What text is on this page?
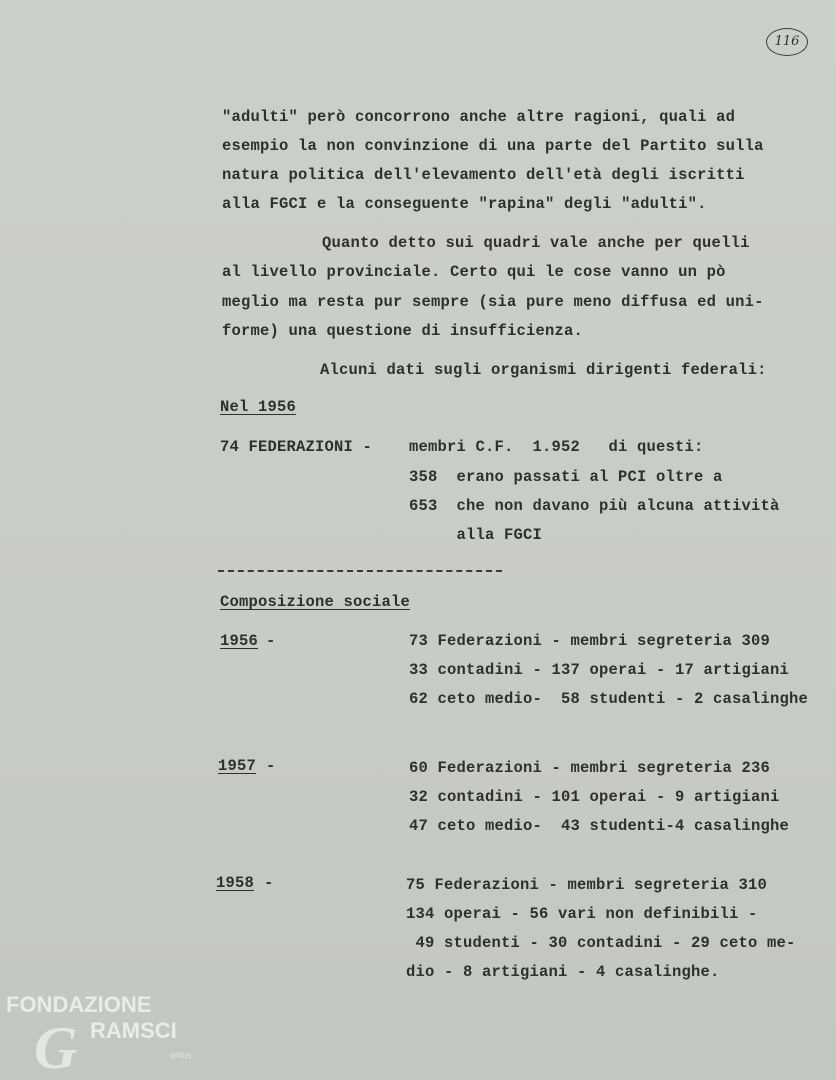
116
"adulti" però concorrono anche altre ragioni, quali ad
esempio la non convinzione di una parte del Partito sulla
natura politica dell'elevamento dell'età degli iscritti
alla FGCI e la conseguente "rapina" degli "adulti".
Quanto detto sui quadri vale anche per quelli
al livello provinciale. Certo qui le cose vanno un pò
meglio ma resta pur sempre (sia pure meno diffusa ed uni-
forme) una questione di insufficienza.
Alcuni dati sugli organismi dirigenti federali:
Nel 1956
74 FEDERAZIONI - membri C.F.  1.952   di questi:
358  erano passati al PCI oltre a
653  che non davano più alcuna attività
alla FGCI
Composizione sociale
1956 -	73 Federazioni - membri segreteria 309
33 contadini - 137 operai - 17 artigiani
62 ceto medio-  58 studenti - 2 casalinghe
1957 -	60 Federazioni - membri segreteria 236
32 contadini - 101 operai - 9 artigiani
47 ceto medio-  43 studenti-4 casalinghe
1958 -	75 Federazioni - membri segreteria 310
134 operai - 56 vari non definibili -
49 studenti - 30 contadini - 29 ceto me-
dio - 8 artigiani - 4 casalinghe.
FONDAZIONE
G RAMSCI
onlus
